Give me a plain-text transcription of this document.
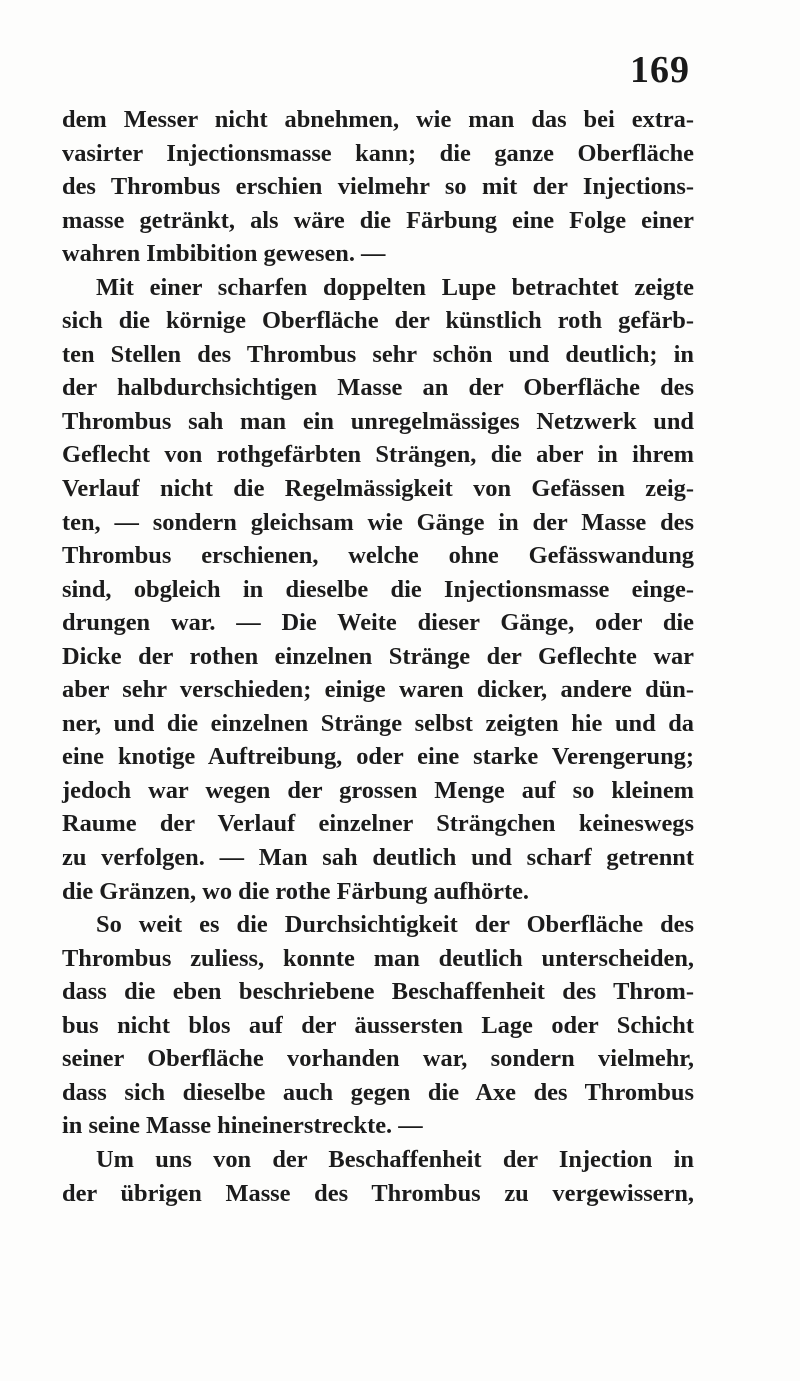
169
dem Messer nicht abnehmen, wie man das bei extra-
vasirter Injectionsmasse kann; die ganze Oberfläche
des Thrombus erschien vielmehr so mit der Injections-
masse getränkt, als wäre die Färbung eine Folge einer
wahren Imbibition gewesen. —
Mit einer scharfen doppelten Lupe betrachtet zeigte
sich die körnige Oberfläche der künstlich roth gefärb-
ten Stellen des Thrombus sehr schön und deutlich; in
der halbdurchsichtigen Masse an der Oberfläche des
Thrombus sah man ein unregelmässiges Netzwerk und
Geflecht von rothgefärbten Strängen, die aber in ihrem
Verlauf nicht die Regelmässigkeit von Gefässen zeig-
ten, — sondern gleichsam wie Gänge in der Masse des
Thrombus erschienen, welche ohne Gefässwandung
sind, obgleich in dieselbe die Injectionsmasse einge-
drungen war. — Die Weite dieser Gänge, oder die
Dicke der rothen einzelnen Stränge der Geflechte war
aber sehr verschieden; einige waren dicker, andere dün-
ner, und die einzelnen Stränge selbst zeigten hie und da
eine knotige Auftreibung, oder eine starke Verengerung;
jedoch war wegen der grossen Menge auf so kleinem
Raume der Verlauf einzelner Strängchen keineswegs
zu verfolgen. — Man sah deutlich und scharf getrennt
die Gränzen, wo die rothe Färbung aufhörte.
So weit es die Durchsichtigkeit der Oberfläche des
Thrombus zuliess, konnte man deutlich unterscheiden,
dass die eben beschriebene Beschaffenheit des Throm-
bus nicht blos auf der äussersten Lage oder Schicht
seiner Oberfläche vorhanden war, sondern vielmehr,
dass sich dieselbe auch gegen die Axe des Thrombus
in seine Masse hineinerstreckte. —
Um uns von der Beschaffenheit der Injection in
der übrigen Masse des Thrombus zu vergewissern,
